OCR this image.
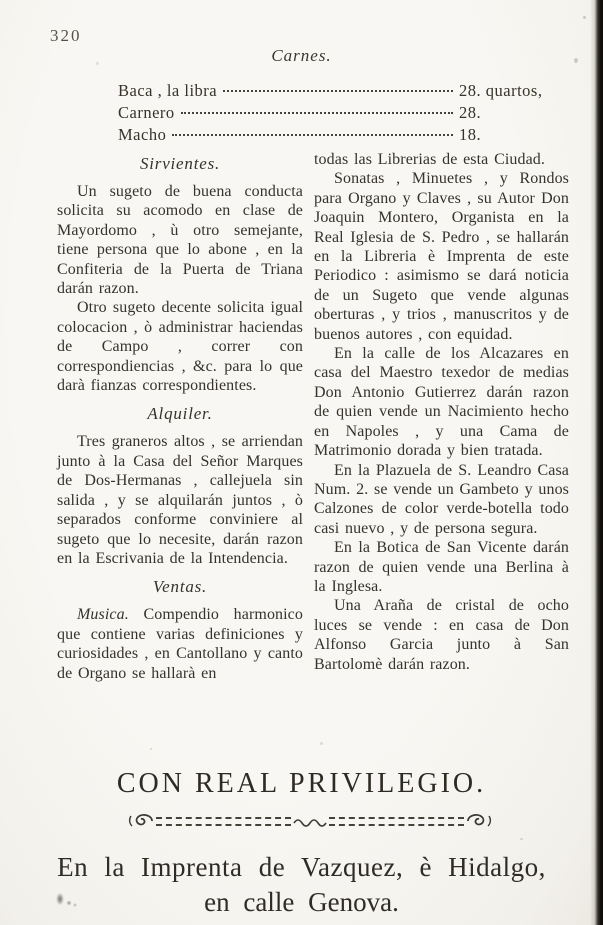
320
Carnes.
Baca , la libra	28. quartos,
Carnero	28.
Macho	18.
Sirvientes.

Un sugeto de buena conducta solicita su acomodo en clase de Mayordomo , ù otro semejante, tiene persona que lo abone , en la Confiteria de la Puerta de Triana darán razon.

Otro sugeto decente solicita igual colocacion , ò administrar haciendas de Campo , correr con correspondiencias , &c. para lo que darà fianzas correspondientes.

Alquiler.

Tres graneros altos , se arriendan junto à la Casa del Señor Marques de Dos-Hermanas , callejuela sin salida , y se alquilarán juntos , ò separados conforme conviniere al sugeto que lo necesite, darán razon en la Escrivania de la Intendencia.

Ventas.

Musica. Compendio harmonico que contiene varias definiciones y curiosidades , en Cantollano y canto de Organo se hallarà en

todas las Librerias de esta Ciudad.

Sonatas , Minuetes , y Rondos para Organo y Claves , su Autor Don Joaquin Montero, Organista en la Real Iglesia de S. Pedro , se hallarán en la Libreria è Imprenta de este Periodico : asimismo se dará noticia de un Sugeto que vende algunas oberturas , y trios , manuscritos y de buenos autores , con equidad.

En la calle de los Alcazares en casa del Maestro texedor de medias Don Antonio Gutierrez darán razon de quien vende un Nacimiento hecho en Napoles , y una Cama de Matrimonio dorada y bien tratada.

En la Plazuela de S. Leandro Casa Num. 2. se vende un Gambeto y unos Calzones de color verde-botella todo casi nuevo , y de persona segura.

En la Botica de San Vicente darán razon de quien vende una Berlina à la Inglesa.

Una Araña de cristal de ocho luces se vende : en casa de Don Alfonso Garcia junto à San Bartolomè darán razon.

CON REAL PRIVILEGIO.
En la Imprenta de Vazquez, è Hidalgo,
en calle Genova.
